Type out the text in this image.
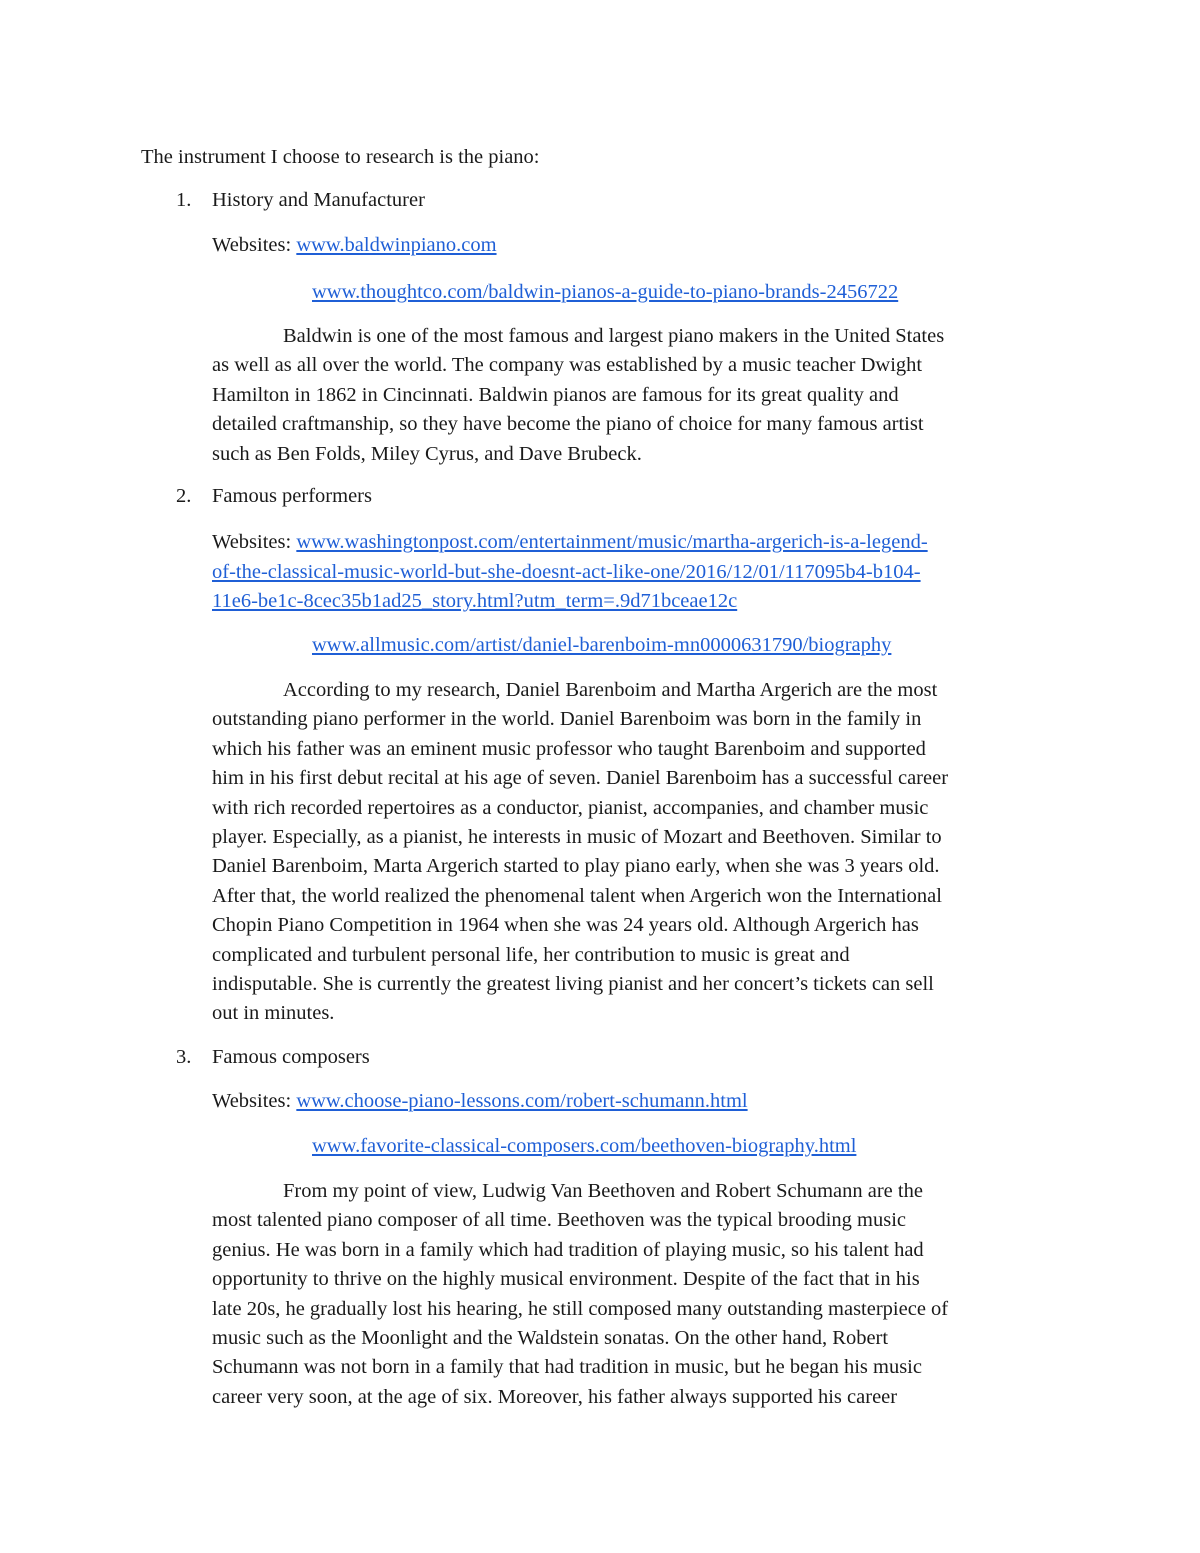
The instrument I choose to research is the piano:
1. History and Manufacturer
Websites: www.baldwinpiano.com
www.thoughtco.com/baldwin-pianos-a-guide-to-piano-brands-2456722
Baldwin is one of the most famous and largest piano makers in the United States
as well as all over the world. The company was established by a music teacher Dwight
Hamilton in 1862 in Cincinnati. Baldwin pianos are famous for its great quality and
detailed craftmanship, so they have become the piano of choice for many famous artist
such as Ben Folds, Miley Cyrus, and Dave Brubeck.
2. Famous performers
Websites: www.washingtonpost.com/entertainment/music/martha-argerich-is-a-legend-
of-the-classical-music-world-but-she-doesnt-act-like-one/2016/12/01/117095b4-b104-
11e6-be1c-8cec35b1ad25_story.html?utm_term=.9d71bceae12c
www.allmusic.com/artist/daniel-barenboim-mn0000631790/biography
According to my research, Daniel Barenboim and Martha Argerich are the most
outstanding piano performer in the world. Daniel Barenboim was born in the family in
which his father was an eminent music professor who taught Barenboim and supported
him in his first debut recital at his age of seven. Daniel Barenboim has a successful career
with rich recorded repertoires as a conductor, pianist, accompanies, and chamber music
player. Especially, as a pianist, he interests in music of Mozart and Beethoven. Similar to
Daniel Barenboim, Marta Argerich started to play piano early, when she was 3 years old.
After that, the world realized the phenomenal talent when Argerich won the International
Chopin Piano Competition in 1964 when she was 24 years old. Although Argerich has
complicated and turbulent personal life, her contribution to music is great and
indisputable. She is currently the greatest living pianist and her concert’s tickets can sell
out in minutes.
3. Famous composers
Websites: www.choose-piano-lessons.com/robert-schumann.html
www.favorite-classical-composers.com/beethoven-biography.html
From my point of view, Ludwig Van Beethoven and Robert Schumann are the
most talented piano composer of all time. Beethoven was the typical brooding music
genius. He was born in a family which had tradition of playing music, so his talent had
opportunity to thrive on the highly musical environment. Despite of the fact that in his
late 20s, he gradually lost his hearing, he still composed many outstanding masterpiece of
music such as the Moonlight and the Waldstein sonatas. On the other hand, Robert
Schumann was not born in a family that had tradition in music, but he began his music
career very soon, at the age of six. Moreover, his father always supported his career
